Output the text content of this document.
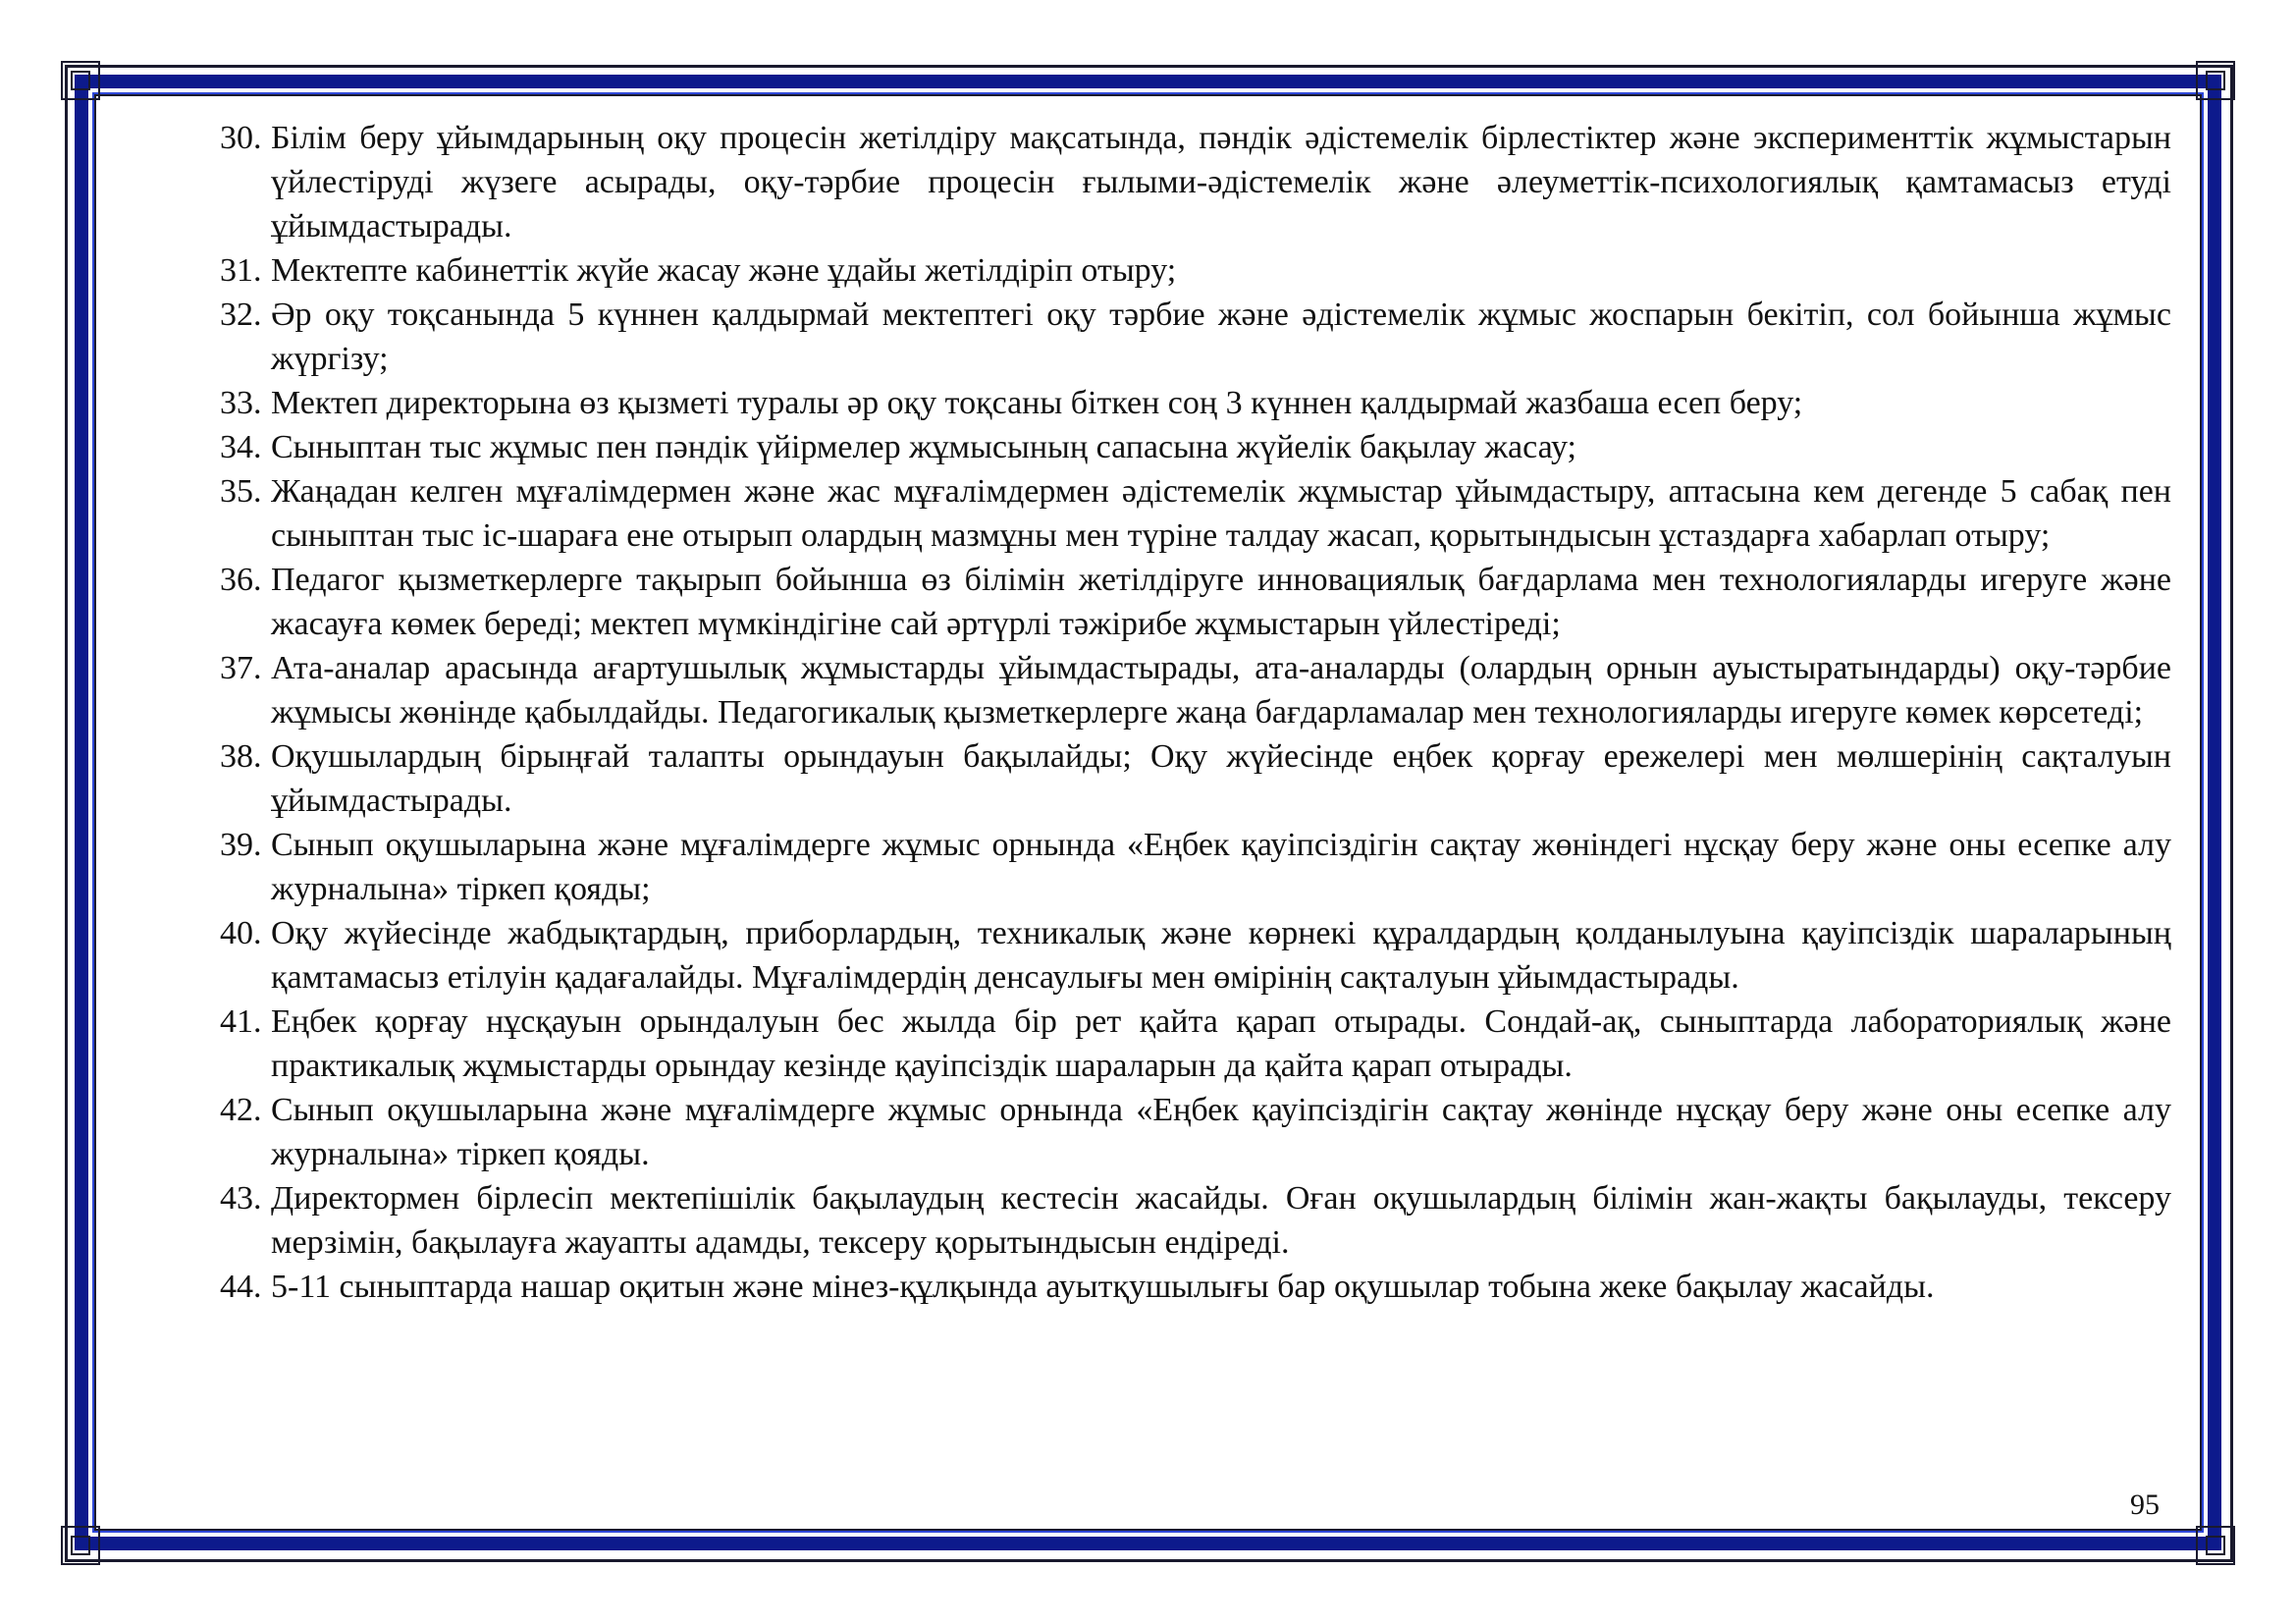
30. Білім беру ұйымдарының оқу процесін жетілдіру мақсатында, пәндік әдістемелік бірлестіктер және эксперименттік жұмыстарын үйлестіруді жүзеге асырады, оқу-тәрбие процесін ғылыми-әдістемелік және әлеуметтік-психологиялық қамтамасыз етуді ұйымдастырады.
31. Мектепте кабинеттік жүйе жасау және ұдайы жетілдіріп отыру;
32. Әр оқу тоқсанында 5 күннен қалдырмай мектептегі оқу тәрбие және әдістемелік жұмыс жоспарын бекітіп, сол бойынша жұмыс жүргізу;
33. Мектеп директорына өз қызметі туралы әр оқу тоқсаны біткен соң 3 күннен қалдырмай жазбаша есеп беру;
34. Сыныптан тыс жұмыс пен пәндік үйірмелер жұмысының сапасына жүйелік бақылау жасау;
35. Жаңадан келген мұғалімдермен және жас мұғалімдермен әдістемелік жұмыстар ұйымдастыру, аптасына кем дегенде 5 сабақ пен сыныптан тыс іс-шараға ене отырып олардың мазмұны мен түріне талдау жасап, қорытындысын ұстаздарға хабарлап отыру;
36. Педагог қызметкерлерге тақырып бойынша өз білімін жетілдіруге инновациялық бағдарлама мен технологияларды игеруге және жасауға көмек береді; мектеп мүмкіндігіне сай әртүрлі тәжірибе жұмыстарын үйлестіреді;
37. Ата-аналар арасында ағартушылық жұмыстарды ұйымдастырады, ата-аналарды (олардың орнын ауыстыратындарды) оқу-тәрбие жұмысы жөнінде қабылдайды. Педагогикалық қызметкерлерге жаңа бағдарламалар мен технологияларды игеруге көмек көрсетеді;
38. Оқушылардың бірыңғай талапты орындауын бақылайды; Оқу жүйесінде еңбек қорғау ережелері мен мөлшерінің сақталуын ұйымдастырады.
39. Сынып оқушыларына және мұғалімдерге жұмыс орнында «Еңбек қауіпсіздігін сақтау жөніндегі нұсқау беру және оны есепке алу журналына» тіркеп қояды;
40. Оқу жүйесінде жабдықтардың, приборлардың, техникалық және көрнекі құралдардың қолданылуына қауіпсіздік шараларының қамтамасыз етілуін қадағалайды. Мұғалімдердің денсаулығы мен өмірінің сақталуын ұйымдастырады.
41. Еңбек қорғау нұсқауын орындалуын бес жылда бір рет қайта қарап отырады. Сондай-ақ, сыныптарда лабораториялық және практикалық жұмыстарды орындау кезінде қауіпсіздік шараларын да қайта қарап отырады.
42. Сынып оқушыларына және мұғалімдерге жұмыс орнында «Еңбек қауіпсіздігін сақтау жөнінде нұсқау беру және оны есепке алу журналына» тіркеп қояды.
43. Директормен бірлесіп мектепішілік бақылаудың кестесін жасайды. Оған оқушылардың білімін жан-жақты бақылауды, тексеру мерзімін, бақылауға жауапты адамды, тексеру қорытындысын ендіреді.
44. 5-11 сыныптарда нашар оқитын және мінез-құлқында ауытқушылығы бар оқушылар тобына жеке бақылау жасайды.
95
